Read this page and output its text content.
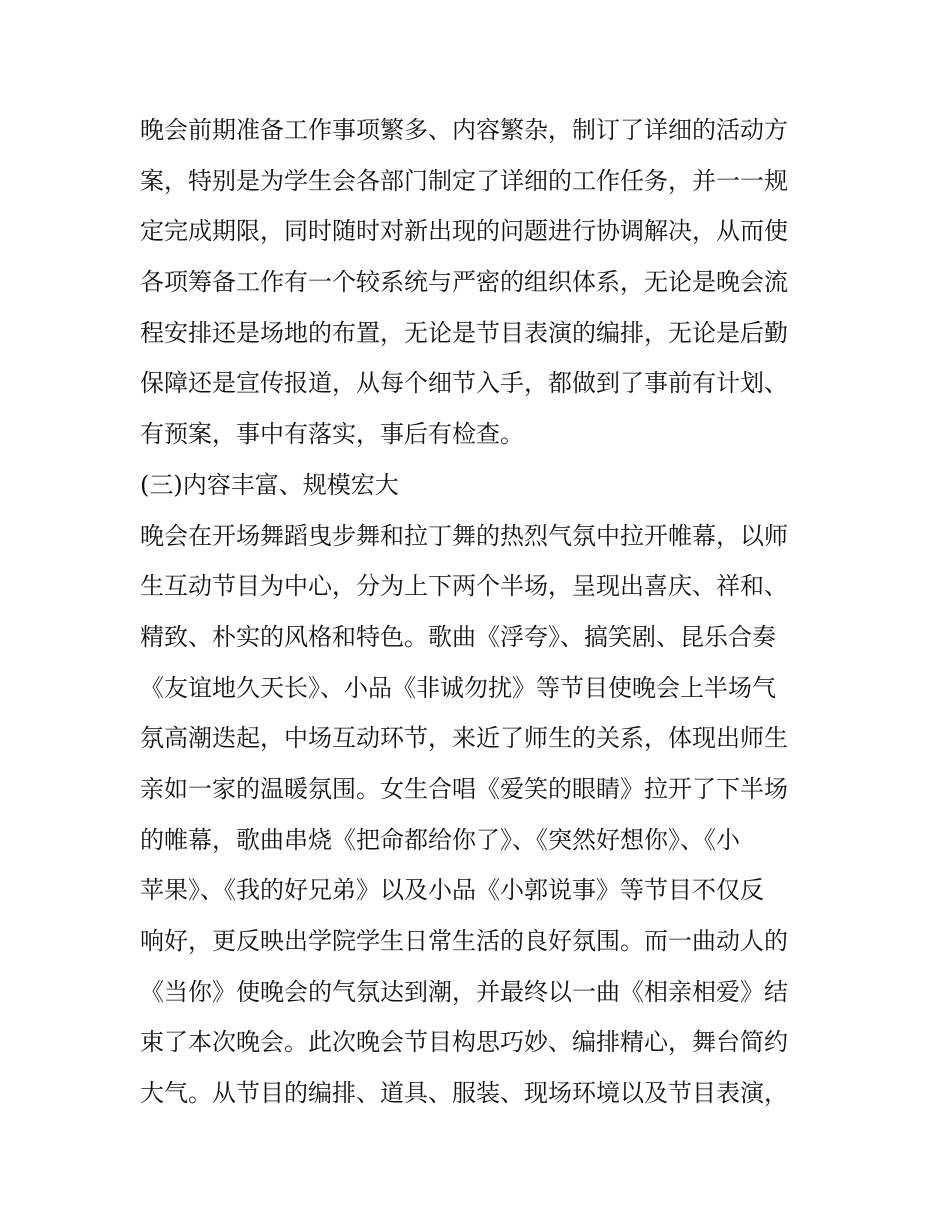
晚会前期准备工作事项繁多、内容繁杂，制订了详细的活动方
案，特别是为学生会各部门制定了详细的工作任务，并一一规
定完成期限，同时随时对新出现的问题进行协调解决，从而使
各项筹备工作有一个较系统与严密的组织体系，无论是晚会流
程安排还是场地的布置，无论是节目表演的编排，无论是后勤
保障还是宣传报道，从每个细节入手，都做到了事前有计划、
有预案，事中有落实，事后有检查。
(三)内容丰富、规模宏大
晚会在开场舞蹈曳步舞和拉丁舞的热烈气氛中拉开帷幕，以师
生互动节目为中心，分为上下两个半场，呈现出喜庆、祥和、
精致、朴实的风格和特色。歌曲《浮夸》、搞笑剧、昆乐合奏
《友谊地久天长》、小品《非诚勿扰》等节目使晚会上半场气
氛高潮迭起，中场互动环节，来近了师生的关系，体现出师生
亲如一家的温暖氛围。女生合唱《爱笑的眼睛》拉开了下半场
的帷幕，歌曲串烧《把命都给你了》、《突然好想你》、《小
苹果》、《我的好兄弟》以及小品《小郭说事》等节目不仅反
响好，更反映出学院学生日常生活的良好氛围。而一曲动人的
《当你》使晚会的气氛达到潮，并最终以一曲《相亲相爱》结
束了本次晚会。此次晚会节目构思巧妙、编排精心，舞台简约
大气。从节目的编排、道具、服装、现场环境以及节目表演，
